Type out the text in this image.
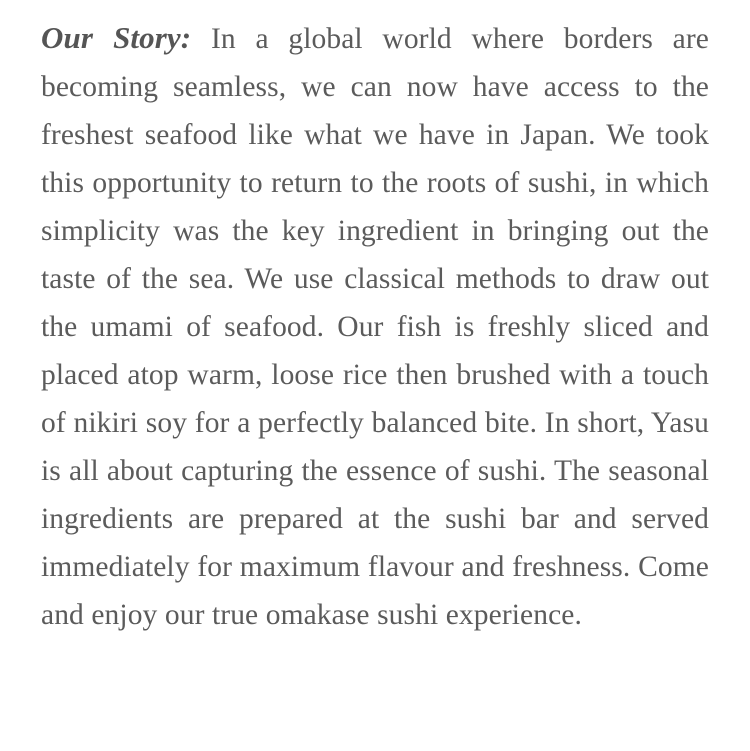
Our Story: In a global world where borders are becoming seamless, we can now have access to the freshest seafood like what we have in Japan. We took this opportunity to return to the roots of sushi, in which simplicity was the key ingredient in bringing out the taste of the sea. We use classical methods to draw out the umami of seafood. Our fish is freshly sliced and placed atop warm, loose rice then brushed with a touch of nikiri soy for a perfectly balanced bite. In short, Yasu is all about capturing the essence of sushi. The seasonal ingredients are prepared at the sushi bar and served immediately for maximum flavour and freshness. Come and enjoy our true omakase sushi experience.
